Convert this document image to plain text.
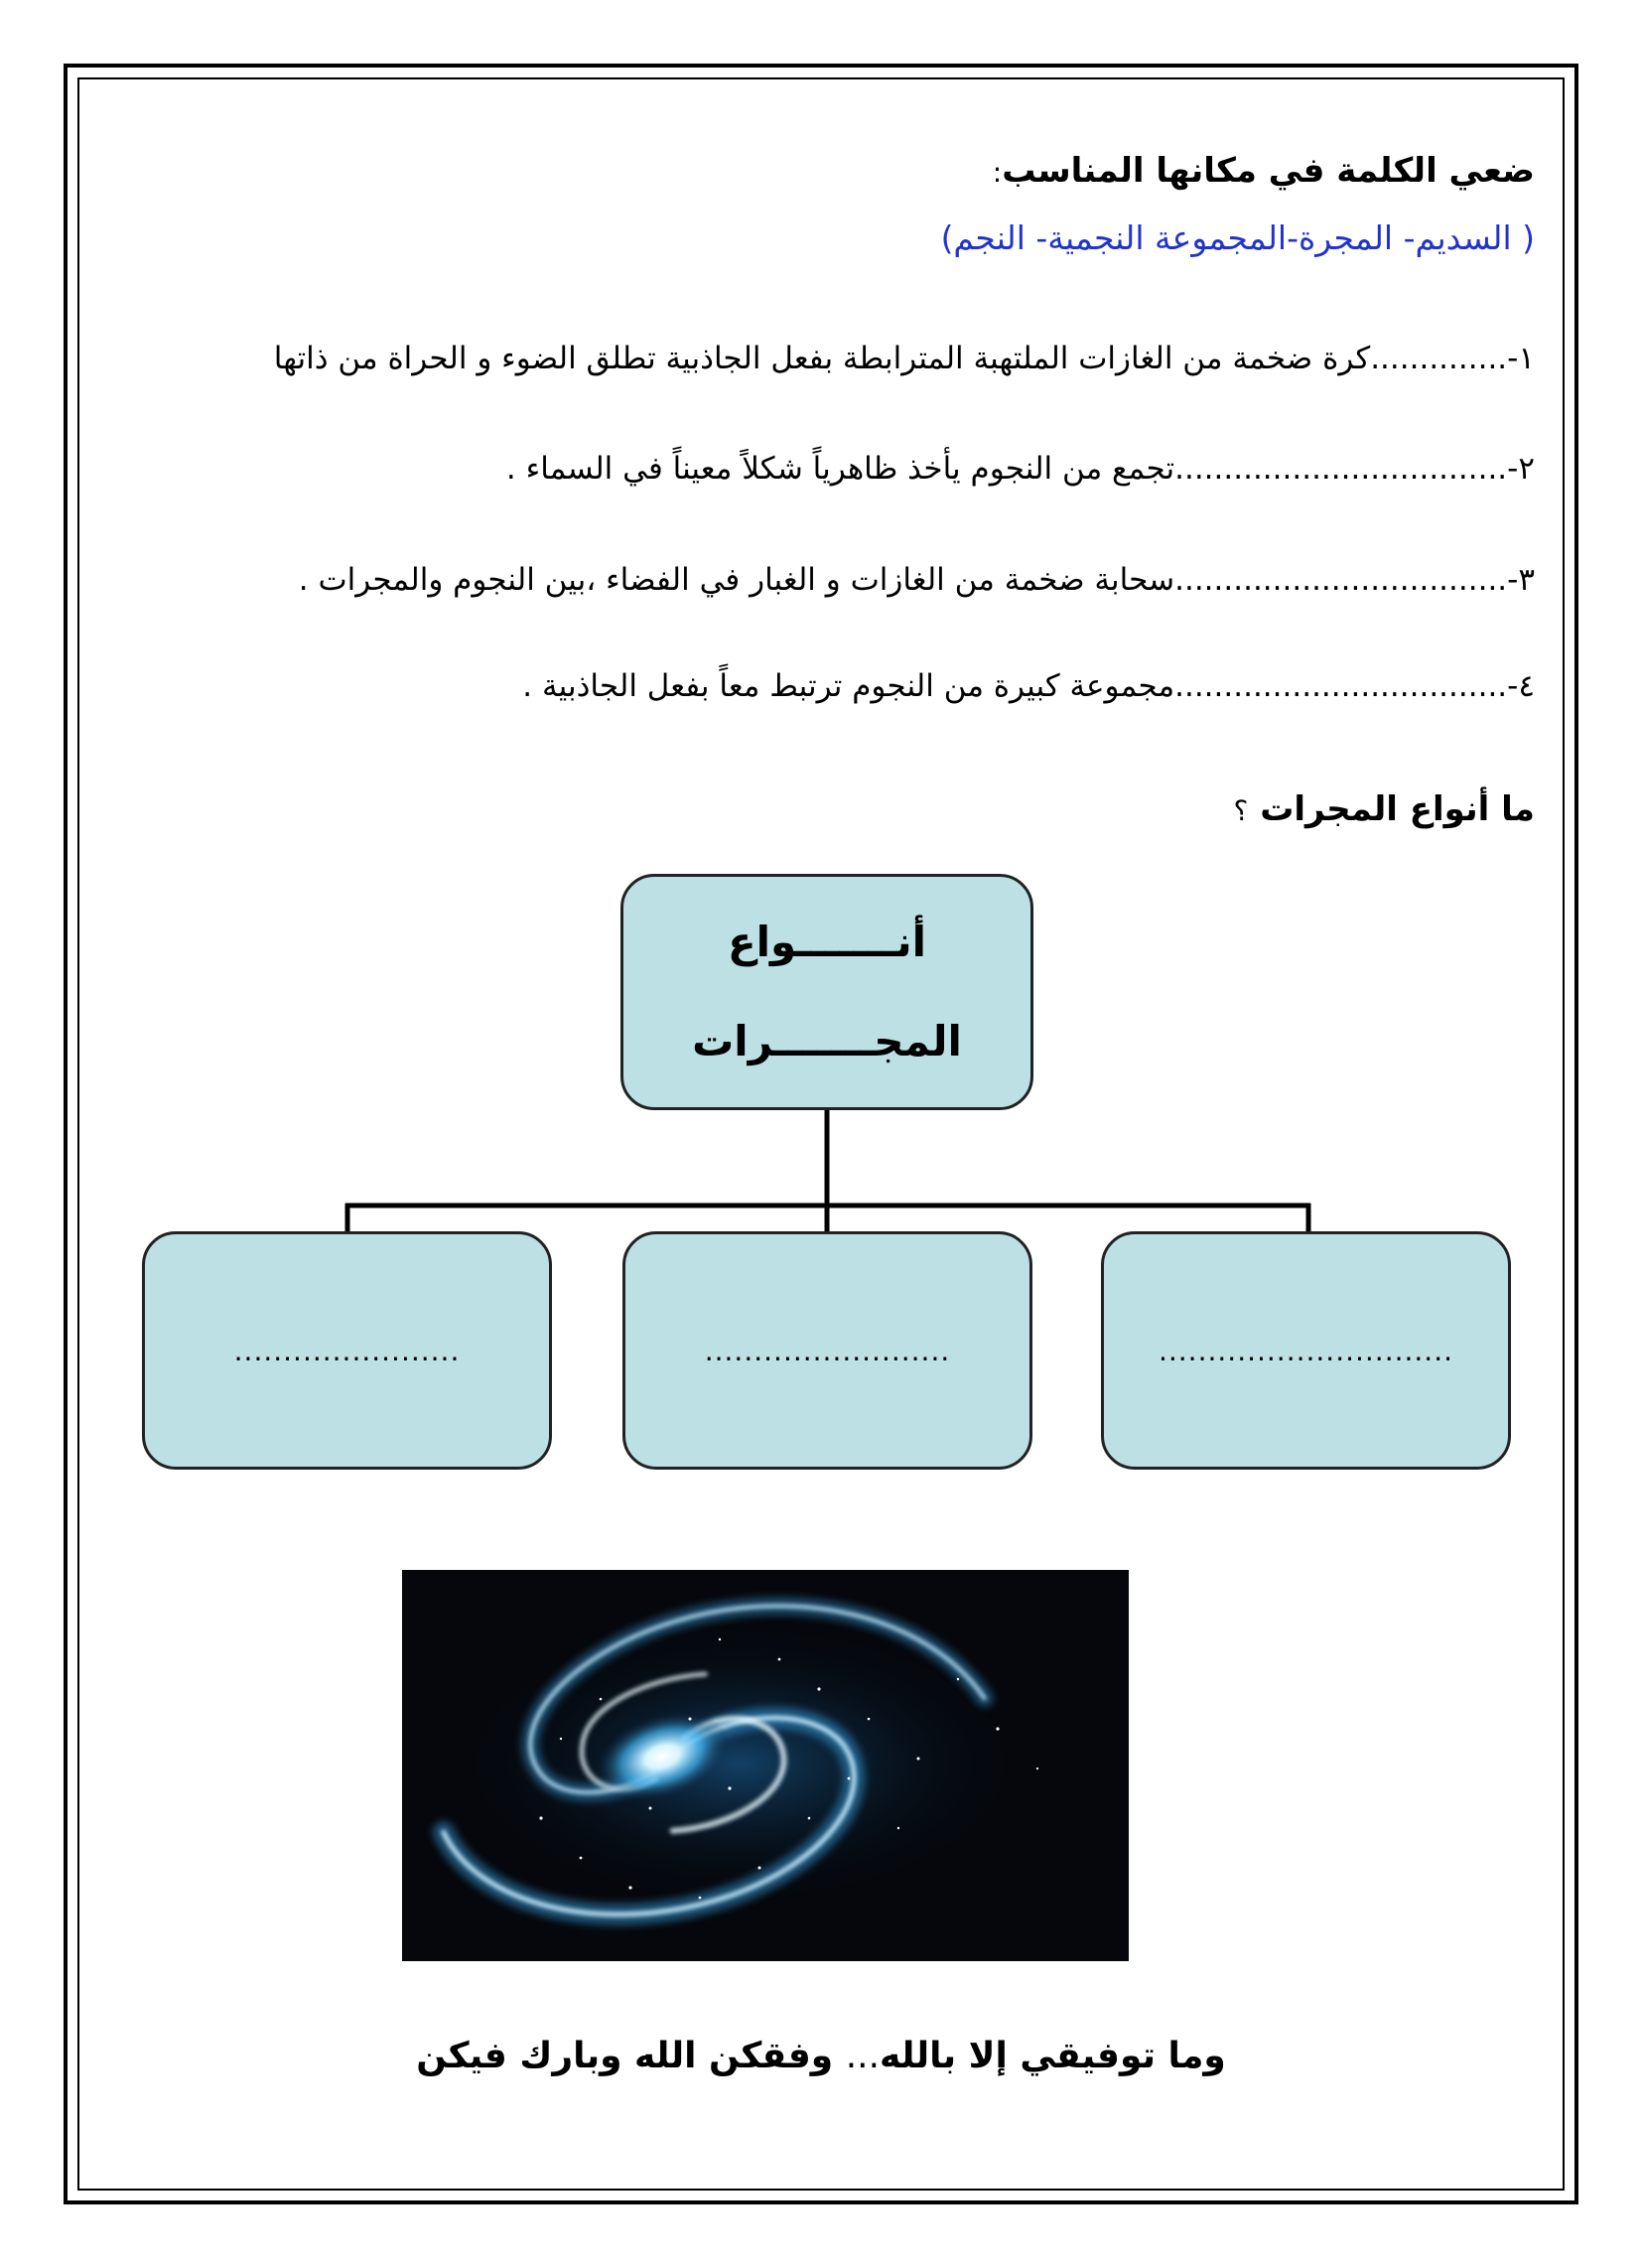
ضعي الكلمة في مكانها المناسب:
( السديم- المجرة-المجموعة النجمية- النجم)
١-..............كرة ضخمة من الغازات الملتهبة المترابطة بفعل الجاذبية تطلق الضوء و الحراة من ذاتها
٢-..................................تجمع من النجوم يأخذ ظاهرياً شكلاً معيناً في السماء .
٣-..................................سحابة ضخمة من الغازات و الغبار في الفضاء ،بين النجوم والمجرات .
٤-..................................مجموعة كبيرة من النجوم ترتبط معاً بفعل الجاذبية .
ما أنواع المجرات ؟
أنـــــــواع
المجـــــــرات
..............................
.........................
.......................
وما توفيقي إلا بالله... وفقكن الله وبارك فيكن
